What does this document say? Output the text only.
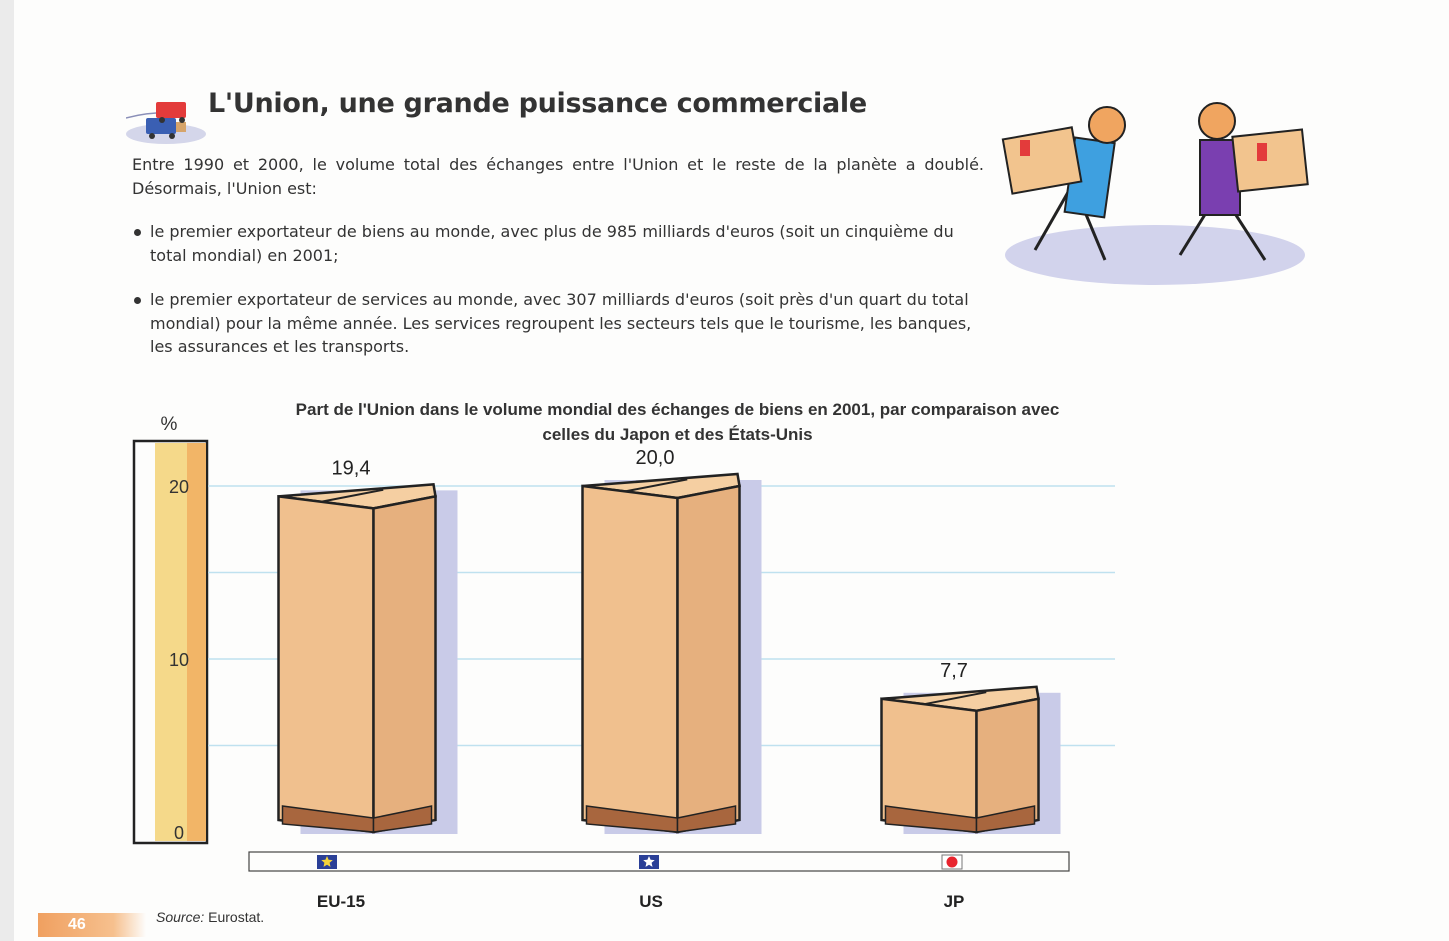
L'Union, une grande puissance commerciale

Entre 1990 et 2000, le volume total des échanges entre l'Union et le reste de la planète a doublé. Désormais, l'Union est:

le premier exportateur de biens au monde, avec plus de 985 milliards d'euros (soit un cinquième du total mondial) en 2001;
le premier exportateur de services au monde, avec 307 milliards d'euros (soit près d'un quart du total mondial) pour la même année. Les services regroupent les secteurs tels que le tourisme, les banques, les assurances et les transports.
Part de l'Union dans le volume mondial des échanges de biens en 2001, par comparaison avec celles du Japon et des États-Unis
%
0
10
20
19,4	20,0
7,7
EU-15	US	JP
46	Source: Eurostat.
